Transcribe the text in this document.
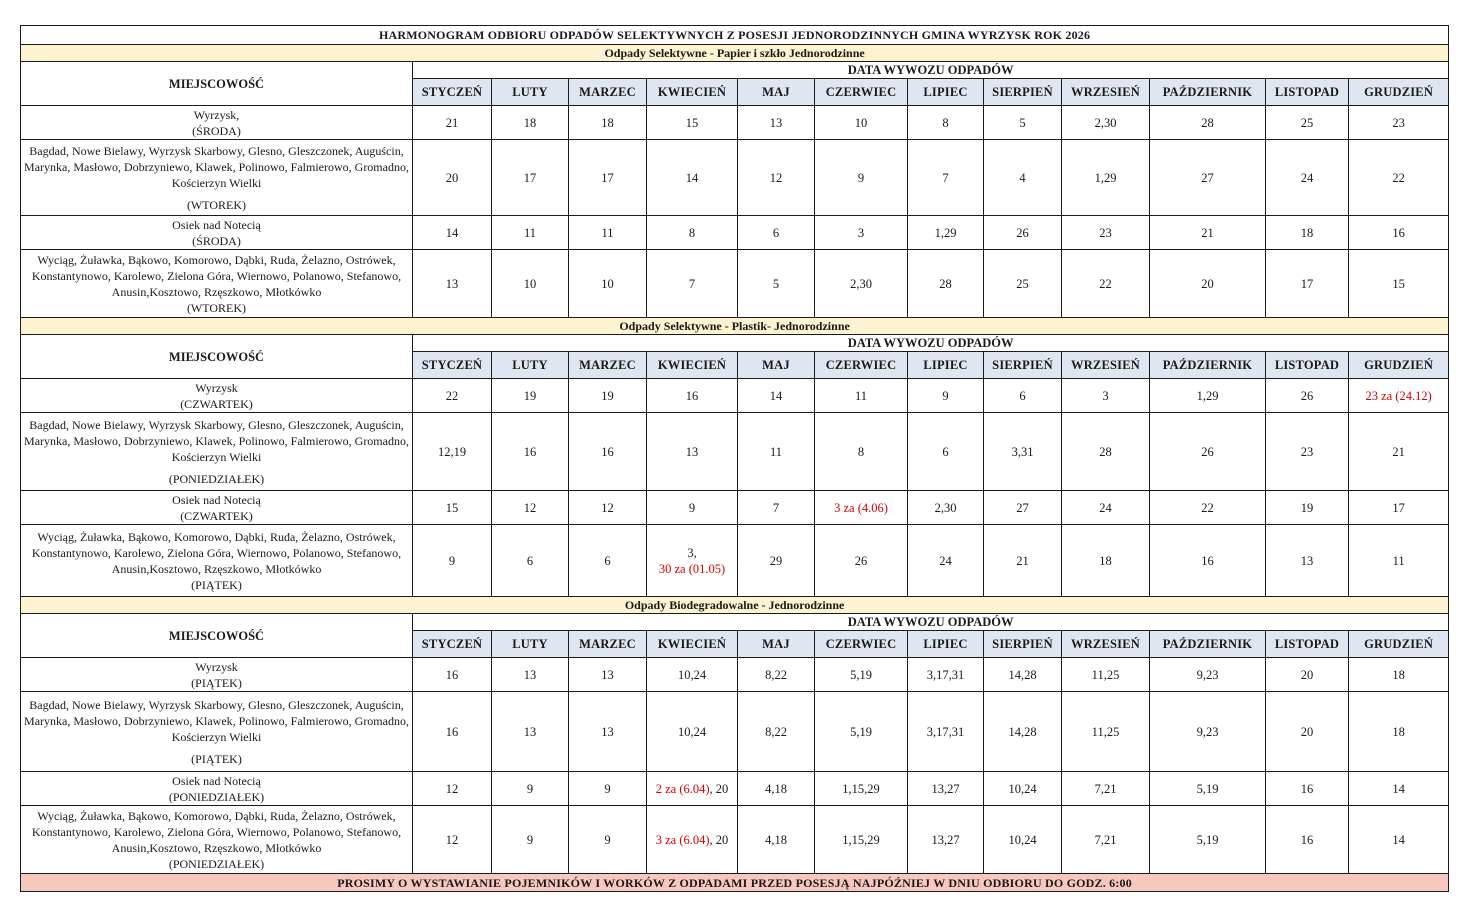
HARMONOGRAM ODBIORU ODPADÓW SELEKTYWNYCH Z POSESJI JEDNORODZINNYCH GMINA WYRZYSK ROK 2026												
Odpady Selektywne - Papier i szkło Jednorodzinne												
MIEJSCOWOŚĆ	DATA WYWOZU ODPADÓW											
	STYCZEŃ	LUTY	MARZEC	KWIECIEŃ	MAJ	CZERWIEC	LIPIEC	SIERPIEŃ	WRZESIEŃ	PAŹDZIERNIK	LISTOPAD	GRUDZIEŃ

Wyrzysk,
(ŚRODA)	21	18	18	15	13	10	8	5	2,30	28	25	23

Bagdad, Nowe Bielawy, Wyrzysk Skarbowy, Glesno, Gleszczonek, Auguścin, Marynka, Masłowo, Dobrzyniewo, Klawek, Polinowo, Falmierowo, Gromadno, Kościerzyn Wielki
(WTOREK)	20	17	17	14	12	9	7	4	1,29	27	24	22

Osiek nad Notecią
(ŚRODA)	14	11	11	8	6	3	1,29	26	23	21	18	16

Wyciąg, Żuławka, Bąkowo, Komorowo, Dąbki, Ruda, Żelazno, Ostrówek, Konstantynowo, Karolewo, Zielona Góra, Wiernowo, Polanowo, Stefanowo, Anusin,Kosztowo, Rzęszkowo, Młotkówko
(WTOREK)	13	10	10	7	5	2,30	28	25	22	20	17	15
Odpady Selektywne - Plastik- Jednorodzinne												
MIEJSCOWOŚĆ	DATA WYWOZU ODPADÓW											
	STYCZEŃ	LUTY	MARZEC	KWIECIEŃ	MAJ	CZERWIEC	LIPIEC	SIERPIEŃ	WRZESIEŃ	PAŹDZIERNIK	LISTOPAD	GRUDZIEŃ

Wyrzysk
(CZWARTEK)	22	19	19	16	14	11	9	6	3	1,29	26	23 za (24.12)

Bagdad, Nowe Bielawy, Wyrzysk Skarbowy, Glesno, Gleszczonek, Auguścin, Marynka, Masłowo, Dobrzyniewo, Klawek, Polinowo, Falmierowo, Gromadno, Kościerzyn Wielki
(PONIEDZIAŁEK)	12,19	16	16	13	11	8	6	3,31	28	26	23	21

Osiek nad Notecią
(CZWARTEK)	15	12	12	9	7	3 za (4.06)	2,30	27	24	22	19	17

Wyciąg, Żuławka, Bąkowo, Komorowo, Dąbki, Ruda, Żelazno, Ostrówek, Konstantynowo, Karolewo, Zielona Góra, Wiernowo, Polanowo, Stefanowo, Anusin,Kosztowo, Rzęszkowo, Młotkówko
(PIĄTEK)	9	6	6	3,
30 za (01.05)	29	26	24	21	18	16	13	11
Odpady Biodegradowalne - Jednorodzinne												
MIEJSCOWOŚĆ	DATA WYWOZU ODPADÓW											
	STYCZEŃ	LUTY	MARZEC	KWIECIEŃ	MAJ	CZERWIEC	LIPIEC	SIERPIEŃ	WRZESIEŃ	PAŹDZIERNIK	LISTOPAD	GRUDZIEŃ

Wyrzysk
(PIĄTEK)	16	13	13	10,24	8,22	5,19	3,17,31	14,28	11,25	9,23	20	18

Bagdad, Nowe Bielawy, Wyrzysk Skarbowy, Glesno, Gleszczonek, Auguścin, Marynka, Masłowo, Dobrzyniewo, Klawek, Polinowo, Falmierowo, Gromadno, Kościerzyn Wielki
(PIĄTEK)	16	13	13	10,24	8,22	5,19	3,17,31	14,28	11,25	9,23	20	18

Osiek nad Notecią
(PONIEDZIAŁEK)	12	9	9	2 za (6.04), 20	4,18	1,15,29	13,27	10,24	7,21	5,19	16	14

Wyciąg, Żuławka, Bąkowo, Komorowo, Dąbki, Ruda, Żelazno, Ostrówek, Konstantynowo, Karolewo, Zielona Góra, Wiernowo, Polanowo, Stefanowo, Anusin,Kosztowo, Rzęszkowo, Młotkówko
(PONIEDZIAŁEK)	12	9	9	3 za (6.04), 20	4,18	1,15,29	13,27	10,24	7,21	5,19	16	14
PROSIMY O WYSTAWIANIE POJEMNIKÓW I WORKÓW Z ODPADAMI PRZED POSESJĄ NAJPÓŹNIEJ W DNIU ODBIORU DO GODZ. 6:00												
